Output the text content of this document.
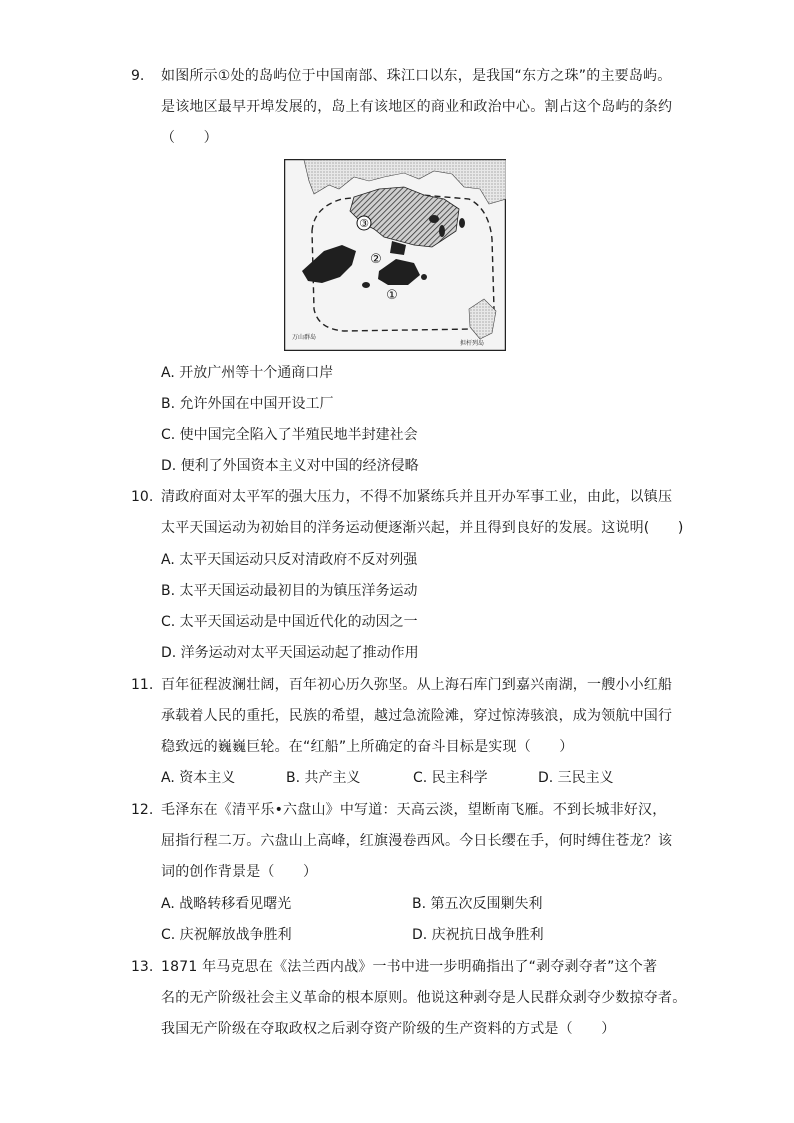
9. 如图所示①处的岛屿位于中国南部、珠江口以东，是我国“东方之珠”的主要岛屿。
是该地区最早开埠发展的，岛上有该地区的商业和政治中心。割占这个岛屿的条约
（　　）
③
②
①
万山群岛
担杆列岛
A. 开放广州等十个通商口岸
B. 允许外国在中国开设工厂
C. 使中国完全陷入了半殖民地半封建社会
D. 便利了外国资本主义对中国的经济侵略
10. 清政府面对太平军的强大压力，不得不加紧练兵并且开办军事工业，由此，以镇压
太平天国运动为初始目的洋务运动便逐渐兴起，并且得到良好的发展。这说明(　　)
A. 太平天国运动只反对清政府不反对列强
B. 太平天国运动最初目的为镇压洋务运动
C. 太平天国运动是中国近代化的动因之一
D. 洋务运动对太平天国运动起了推动作用
11. 百年征程波澜壮阔，百年初心历久弥坚。从上海石库门到嘉兴南湖，一艘小小红船
承载着人民的重托，民族的希望，越过急流险滩，穿过惊涛骇浪，成为领航中国行
稳致远的巍巍巨轮。在“红船”上所确定的奋斗目标是实现（　　）
A. 资本主义	B. 共产主义	C. 民主科学	D. 三民主义
12. 毛泽东在《清平乐•六盘山》中写道：天高云淡，望断南飞雁。不到长城非好汉，
屈指行程二万。六盘山上高峰，红旗漫卷西风。今日长缨在手，何时缚住苍龙？该
词的创作背景是（　　）
A. 战略转移看见曙光	B. 第五次反围剿失利
C. 庆祝解放战争胜利	D. 庆祝抗日战争胜利
13. 1871 年马克思在《法兰西内战》一书中进一步明确指出了“剥夺剥夺者”这个著
名的无产阶级社会主义革命的根本原则。他说这种剥夺是人民群众剥夺少数掠夺者。
我国无产阶级在夺取政权之后剥夺资产阶级的生产资料的方式是（　　）
